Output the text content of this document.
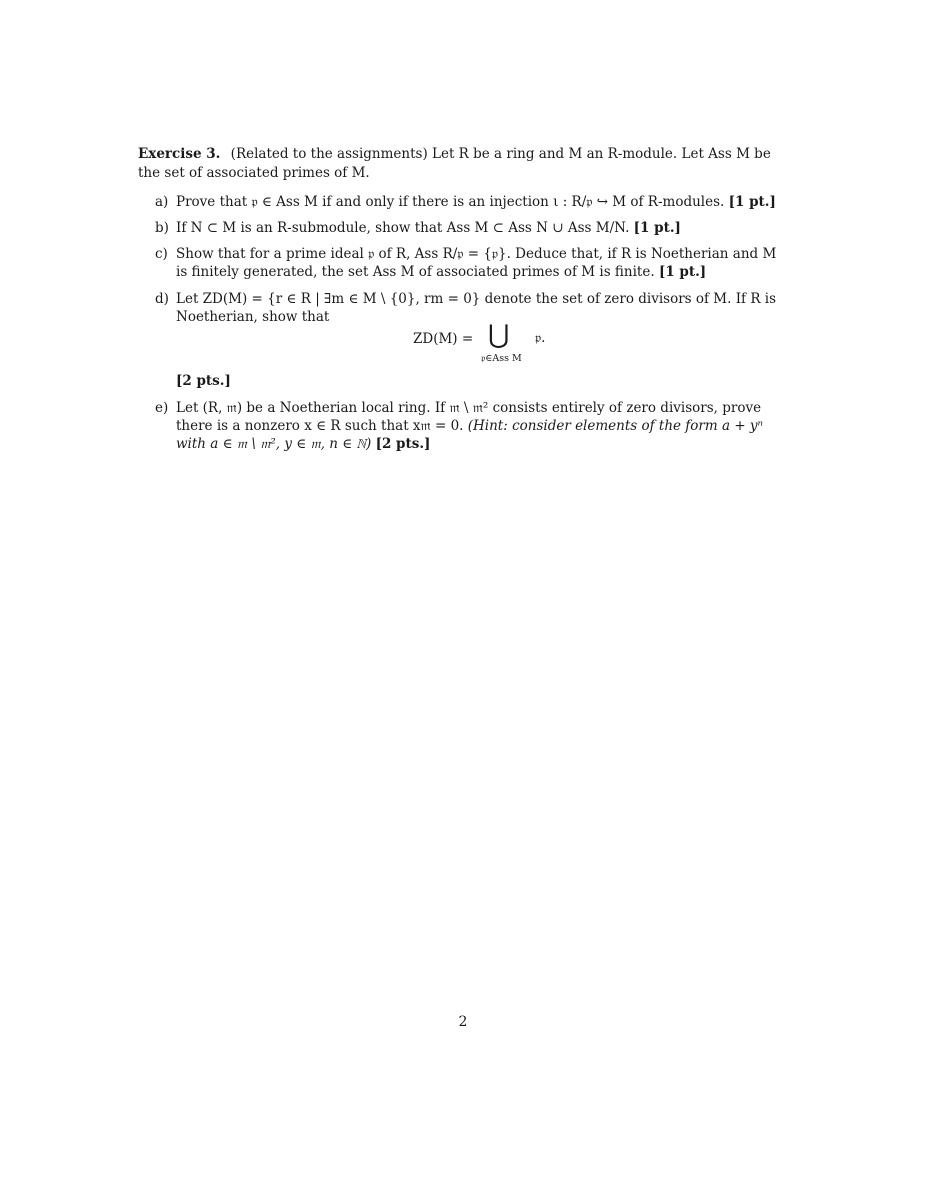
Exercise 3. (Related to the assignments) Let R be a ring and M an R-module. Let Ass M be the set of associated primes of M.
a) Prove that 𝔭 ∈ Ass M if and only if there is an injection ι : R/𝔭 ↪ M of R-modules. [1 pt.]
b) If N ⊂ M is an R-submodule, show that Ass M ⊂ Ass N ∪ Ass M/N. [1 pt.]
c) Show that for a prime ideal 𝔭 of R, Ass R/𝔭 = {𝔭}. Deduce that, if R is Noetherian and M is finitely generated, the set Ass M of associated primes of M is finite. [1 pt.]
d) Let ZD(M) = {r ∈ R | ∃m ∈ M \ {0}, rm = 0} denote the set of zero divisors of M. If R is Noetherian, show that
ZD(M) = ⋃
𝔭∈Ass M
𝔭.
[2 pts.]
e) Let (R, 𝔪) be a Noetherian local ring. If 𝔪 \ 𝔪² consists entirely of zero divisors, prove there is a nonzero x ∈ R such that x𝔪 = 0. (Hint: consider elements of the form a + yⁿ with a ∈ 𝔪 \ 𝔪², y ∈ 𝔪, n ∈ ℕ) [2 pts.]
2
